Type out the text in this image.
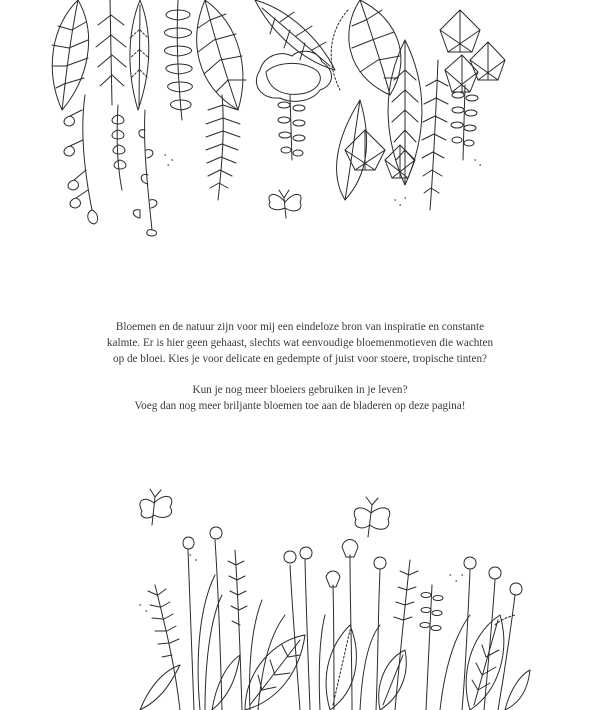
Bloemen en de natuur zijn voor mij een eindeloze bron van inspiratie en constante
kalmte. Er is hier geen gehaast, slechts wat eenvoudige bloemenmotieven die wachten
op de bloei. Kies je voor delicate en gedempte of juist voor stoere, tropische tinten?

Kun je nog meer bloeiers gebruiken in je leven?
Voeg dan nog meer briljante bloemen toe aan de bladeren op deze pagina!
